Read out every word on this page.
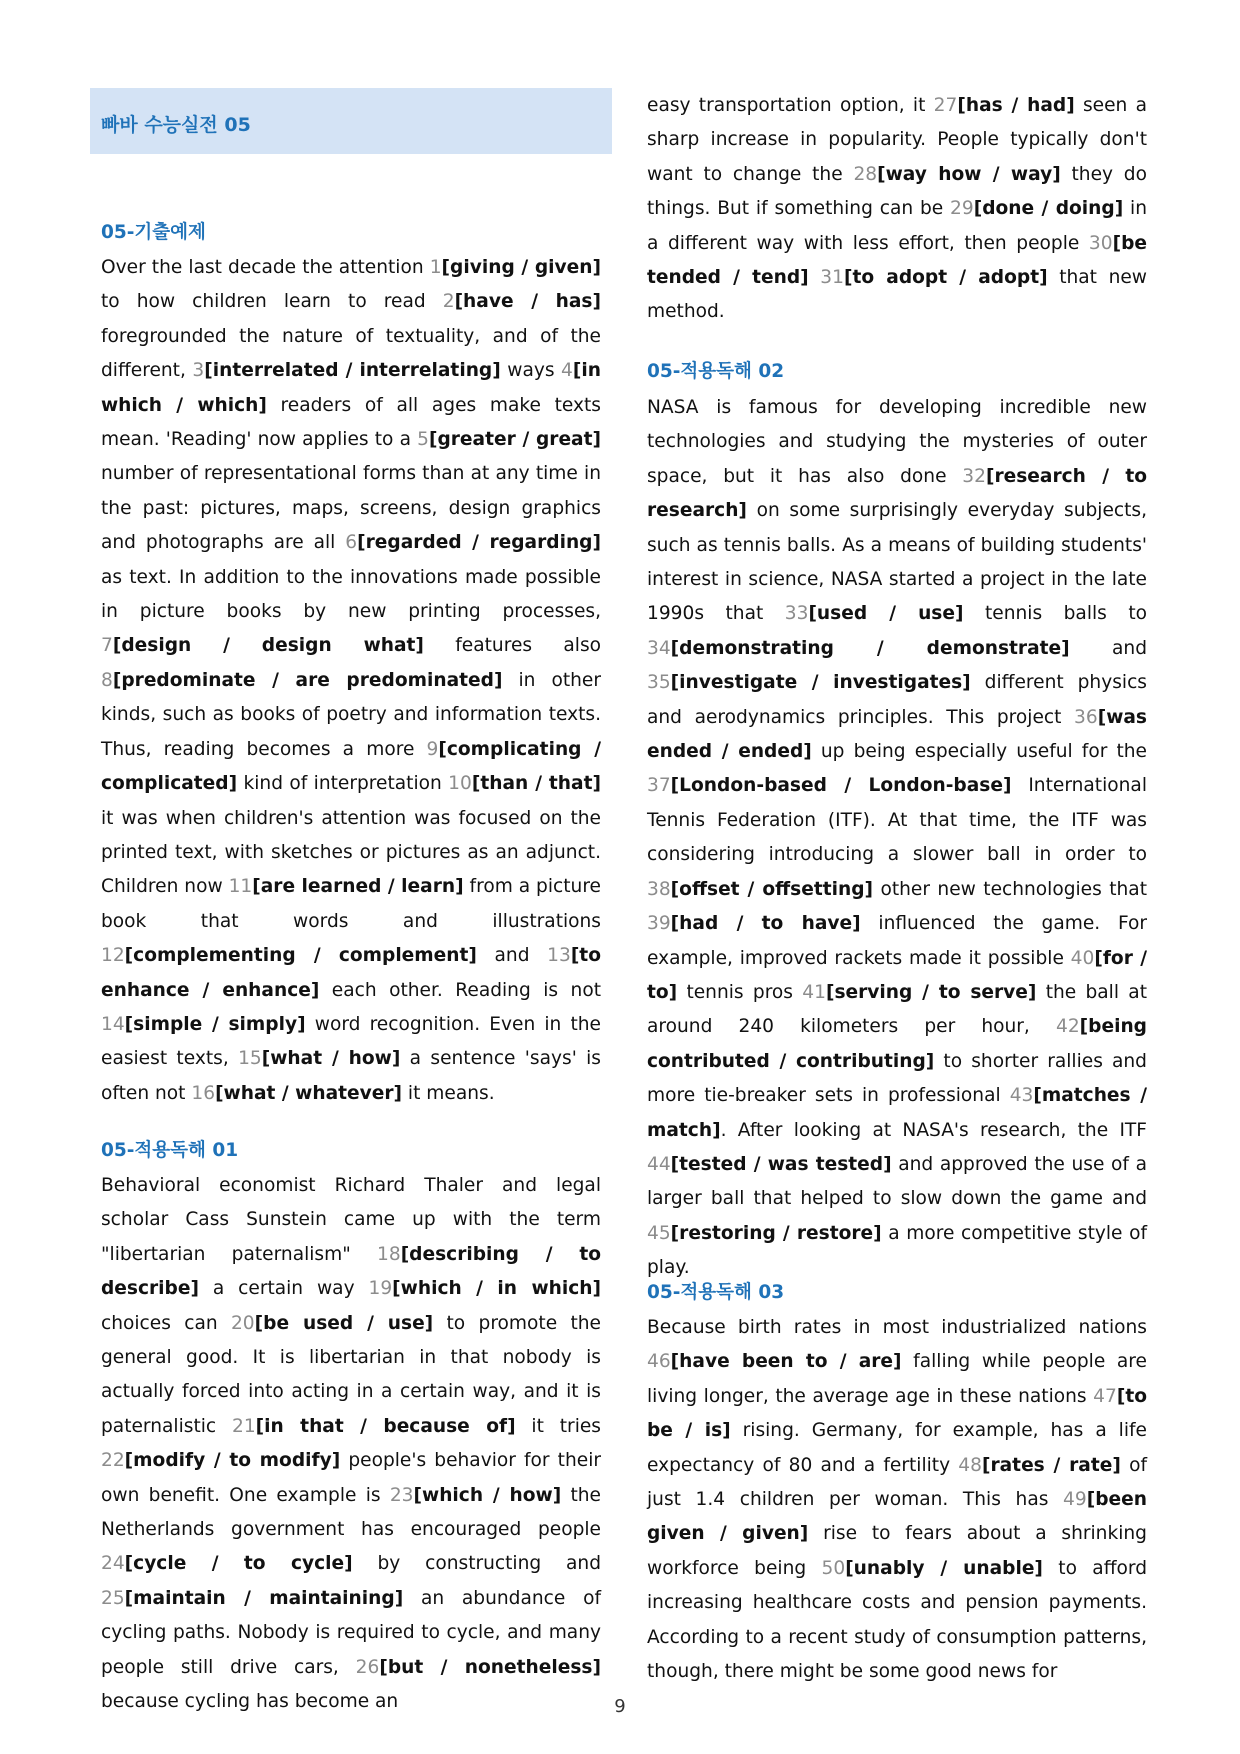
빠바 수능실전 05
05-기출예제
Over the last decade the attention 1[giving / given] to how children learn to read 2[have / has] foregrounded the nature of textuality, and of the different, 3[interrelated / interrelating] ways 4[in which / which] readers of all ages make texts mean. 'Reading' now applies to a 5[greater / great] number of representational forms than at any time in the past: pictures, maps, screens, design graphics and photographs are all 6[regarded / regarding] as text. In addition to the innovations made possible in picture books by new printing processes, 7[design / design what] features also 8[predominate / are predominated] in other kinds, such as books of poetry and information texts. Thus, reading becomes a more 9[complicating / complicated] kind of interpretation 10[than / that] it was when children's attention was focused on the printed text, with sketches or pictures as an adjunct. Children now 11[are learned / learn] from a picture book that words and illustrations 12[complementing / complement] and 13[to enhance / enhance] each other. Reading is not 14[simple / simply] word recognition. Even in the easiest texts, 15[what / how] a sentence 'says' is often not 16[what / whatever] it means.
05-적용독해 01
Behavioral economist Richard Thaler and legal scholar Cass Sunstein came up with the term "libertarian paternalism" 18[describing / to describe] a certain way 19[which / in which] choices can 20[be used / use] to promote the general good. It is libertarian in that nobody is actually forced into acting in a certain way, and it is paternalistic 21[in that / because of] it tries 22[modify / to modify] people's behavior for their own benefit. One example is 23[which / how] the Netherlands government has encouraged people 24[cycle / to cycle] by constructing and 25[maintain / maintaining] an abundance of cycling paths. Nobody is required to cycle, and many people still drive cars, 26[but / nonetheless] because cycling has become an
easy transportation option, it 27[has / had] seen a sharp increase in popularity. People typically don't want to change the 28[way how / way] they do things. But if something can be 29[done / doing] in a different way with less effort, then people 30[be tended / tend] 31[to adopt / adopt] that new method.
05-적용독해 02
NASA is famous for developing incredible new technologies and studying the mysteries of outer space, but it has also done 32[research / to research] on some surprisingly everyday subjects, such as tennis balls. As a means of building students' interest in science, NASA started a project in the late 1990s that 33[used / use] tennis balls to 34[demonstrating / demonstrate] and 35[investigate / investigates] different physics and aerodynamics principles. This project 36[was ended / ended] up being especially useful for the 37[London-based / London-base] International Tennis Federation (ITF). At that time, the ITF was considering introducing a slower ball in order to 38[offset / offsetting] other new technologies that 39[had / to have] influenced the game. For example, improved rackets made it possible 40[for / to] tennis pros 41[serving / to serve] the ball at around 240 kilometers per hour, 42[being contributed / contributing] to shorter rallies and more tie-breaker sets in professional 43[matches / match]. After looking at NASA's research, the ITF 44[tested / was tested] and approved the use of a larger ball that helped to slow down the game and 45[restoring / restore] a more competitive style of play.
05-적용독해 03
Because birth rates in most industrialized nations 46[have been to / are] falling while people are living longer, the average age in these nations 47[to be / is] rising. Germany, for example, has a life expectancy of 80 and a fertility 48[rates / rate] of just 1.4 children per woman. This has 49[been given / given] rise to fears about a shrinking workforce being 50[unably / unable] to afford increasing healthcare costs and pension payments. According to a recent study of consumption patterns, though, there might be some good news for
9
